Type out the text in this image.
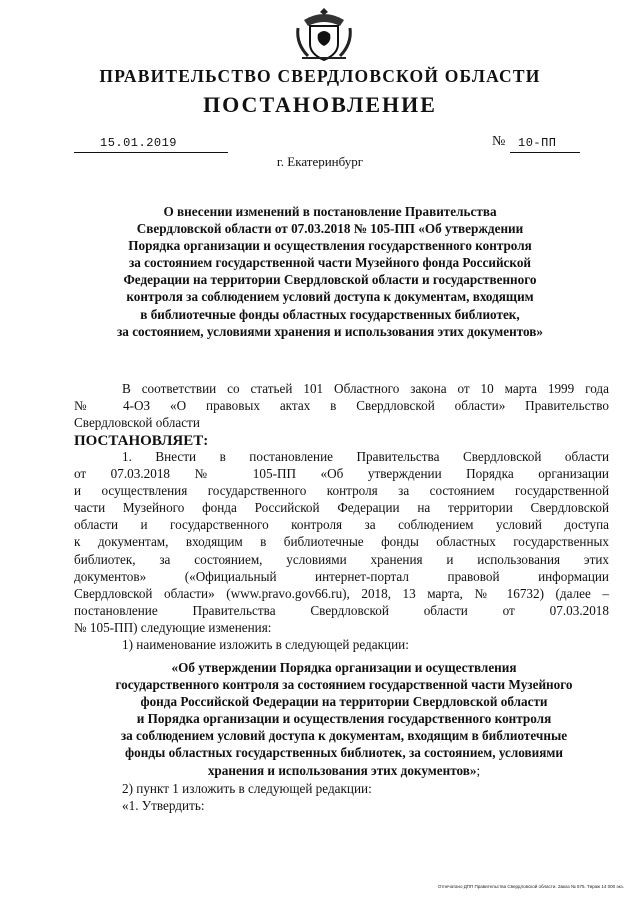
ПРАВИТЕЛЬСТВО СВЕРДЛОВСКОЙ ОБЛАСТИ
ПОСТАНОВЛЕНИЕ
15.01.2019	№ 10-ПП
г. Екатеринбург
О внесении изменений в постановление Правительства
Свердловской области от 07.03.2018 № 105-ПП «Об утверждении
Порядка организации и осуществления государственного контроля
за состоянием государственной части Музейного фонда Российской
Федерации на территории Свердловской области и государственного
контроля за соблюдением условий доступа к документам, входящим
в библиотечные фонды областных государственных библиотек,
за состоянием, условиями хранения и использования этих документов»
В соответствии со статьей 101 Областного закона от 10 марта 1999 года
№ 4-ОЗ «О правовых актах в Свердловской области» Правительство
Свердловской области
ПОСТАНОВЛЯЕТ:
1. Внести в постановление Правительства Свердловской области
от 07.03.2018 № 105-ПП «Об утверждении Порядка организации
и осуществления государственного контроля за состоянием государственной
части Музейного фонда Российской Федерации на территории Свердловской
области и государственного контроля за соблюдением условий доступа
к документам, входящим в библиотечные фонды областных государственных
библиотек, за состоянием, условиями хранения и использования этих
документов» («Официальный интернет-портал правовой информации
Свердловской области» (www.pravo.gov66.ru), 2018, 13 марта, № 16732) (далее –
постановление Правительства Свердловской области от 07.03.2018
№ 105-ПП) следующие изменения:
1) наименование изложить в следующей редакции:
«Об утверждении Порядка организации и осуществления
государственного контроля за состоянием государственной части Музейного
фонда Российской Федерации на территории Свердловской области
и Порядка организации и осуществления государственного контроля
за соблюдением условий доступа к документам, входящим в библиотечные
фонды областных государственных библиотек, за состоянием, условиями
хранения и использования этих документов»;
2) пункт 1 изложить в следующей редакции:
«1. Утвердить:
Отпечатано ДПП Правительства Свердловской области. Заказ № 575. Тираж 14 000 экз.
